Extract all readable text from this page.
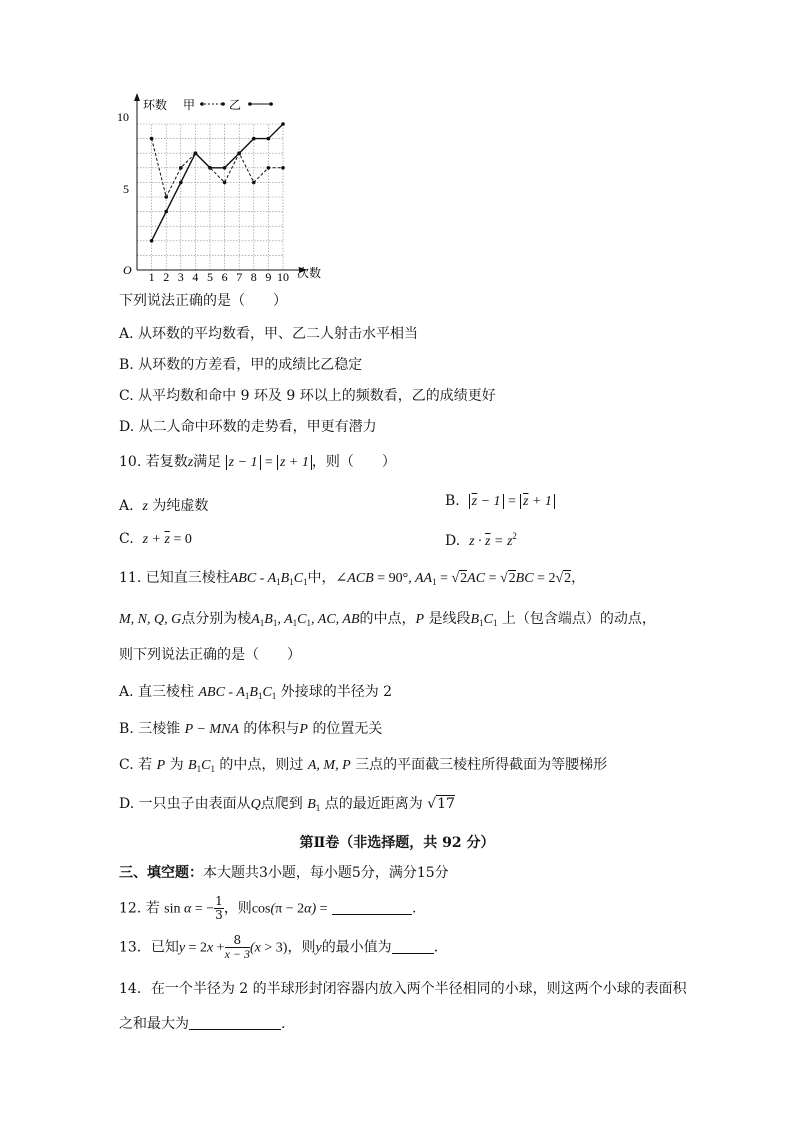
环数 甲	乙
O
5
10
次数
1 2 3 4 5 6 7 8 9 10
下列说法正确的是（　　）
A. 从环数的平均数看，甲、乙二人射击水平相当
B. 从环数的方差看，甲的成绩比乙稳定
C. 从平均数和命中 9 环及 9 环以上的频数看，乙的成绩更好
D. 从二人命中环数的走势看，甲更有潜力
10. 若复数z满足 z − 1 = z + 1 ，则（　　）
A. z 为纯虚数	B. $\overline{z} - 1 = \overline{z} + 1$
C. $z + \overline{z} = 0$	D. $z \cdot \overline{z} = z^2$
11. 已知直三棱柱ABC - $A_1B_1C_1$中，∠ACB = 90°, $AA_1 = √2AC = √2BC = 2√2$，
M, N, Q, G点分别为棱$A_1B_1$, $A_1C_1$, AC, AB的中点，P 是线段$B_1C_1$ 上（包含端点）的动点，
则下列说法正确的是（　　）
A. 直三棱柱 ABC - $A_1B_1C_1$ 外接球的半径为 2
B. 三棱锥 P − MNA 的体积与P 的位置无关
C. 若 P 为 $B_1C_1$ 的中点，则过 A, M, P 三点的平面截三棱柱所得截面为等腰梯形
D. 一只虫子由表面从Q点爬到 $B_1$ 点的最近距离为 √17
第Ⅱ卷（非选择题，共 92 分）
三、填空题：本大题共3小题，每小题5分，满分15分
12. 若 sin α = − $\frac{1}{3}$ ，则cos(π − 2α) =	.
13．已知$y = 2x + \frac{8}{x - 3} (x > 3)$，则y的最小值为	．
14．在一个半径为 2 的半球形封闭容器内放入两个半径相同的小球，则这两个小球的表面积
之和最大为	.
